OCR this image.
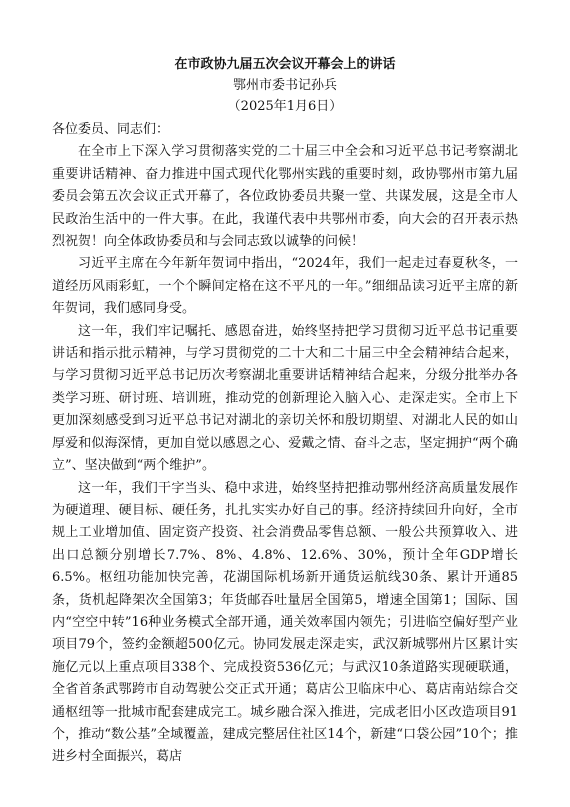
在市政协九届五次会议开幕会上的讲话
鄂州市委书记孙兵
（2025年1月6日）

各位委员、同志们：

在全市上下深入学习贯彻落实党的二十届三中全会和习近平总书记考察湖北重要讲话精神、奋力推进中国式现代化鄂州实践的重要时刻，政协鄂州市第九届委员会第五次会议正式开幕了，各位政协委员共聚一堂、共谋发展，这是全市人民政治生活中的一件大事。在此，我谨代表中共鄂州市委，向大会的召开表示热烈祝贺！向全体政协委员和与会同志致以诚挚的问候！

习近平主席在今年新年贺词中指出，“2024年，我们一起走过春夏秋冬，一道经历风雨彩虹，一个个瞬间定格在这不平凡的一年。”细细品读习近平主席的新年贺词，我们感同身受。

这一年，我们牢记嘱托、感恩奋进，始终坚持把学习贯彻习近平总书记重要讲话和指示批示精神，与学习贯彻党的二十大和二十届三中全会精神结合起来，与学习贯彻习近平总书记历次考察湖北重要讲话精神结合起来，分级分批举办各类学习班、研讨班、培训班，推动党的创新理论入脑入心、走深走实。全市上下更加深刻感受到习近平总书记对湖北的亲切关怀和殷切期望、对湖北人民的如山厚爱和似海深情，更加自觉以感恩之心、爱戴之情、奋斗之志，坚定拥护“两个确立”、坚决做到“两个维护”。

这一年，我们干字当头、稳中求进，始终坚持把推动鄂州经济高质量发展作为硬道理、硬目标、硬任务，扎扎实实办好自己的事。经济持续回升向好，全市规上工业增加值、固定资产投资、社会消费品零售总额、一般公共预算收入、进出口总额分别增长7.7%、8%、4.8%、12.6%、30%，预计全年GDP增长6.5%。枢纽功能加快完善，花湖国际机场新开通货运航线30条、累计开通85条，货机起降架次全国第3；年货邮吞吐量居全国第5，增速全国第1；国际、国内“空空中转”16种业务模式全部开通，通关效率国内领先；引进临空偏好型产业项目79个，签约金额超500亿元。协同发展走深走实，武汉新城鄂州片区累计实施亿元以上重点项目338个、完成投资536亿元；与武汉10条道路实现硬联通，全省首条武鄂跨市自动驾驶公交正式开通；葛店公卫临床中心、葛店南站综合交通枢纽等一批城市配套建成完工。城乡融合深入推进，完成老旧小区改造项目91个，推动“数公基”全域覆盖，建成完整居住社区14个，新建“口袋公园”10个；推进乡村全面振兴，葛店
